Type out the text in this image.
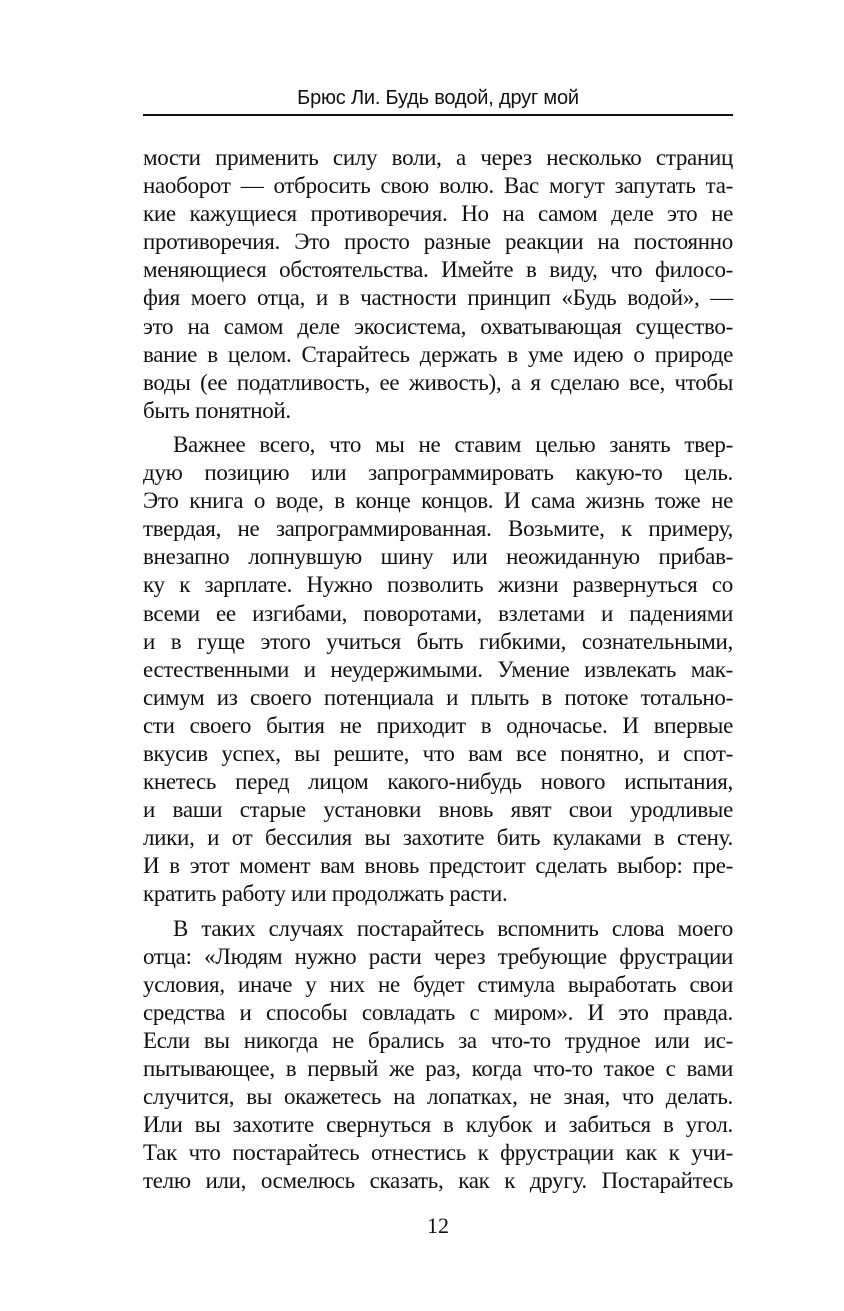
Брюс Ли. Будь водой, друг мой
мости применить силу воли, а через несколько страниц
наоборот — отбросить свою волю. Вас могут запутать та-
кие кажущиеся противоречия. Но на самом деле это не
противоречия. Это просто разные реакции на постоянно
меняющиеся обстоятельства. Имейте в виду, что филосо-
фия моего отца, и в частности принцип «Будь водой», —
это на самом деле экосистема, охватывающая существо-
вание в целом. Старайтесь держать в уме идею о природе
воды (ее податливость, ее живость), а я сделаю все, чтобы
быть понятной.
Важнее всего, что мы не ставим целью занять твер-
дую позицию или запрограммировать какую-то цель.
Это книга о воде, в конце концов. И сама жизнь тоже не
твердая, не запрограммированная. Возьмите, к примеру,
внезапно лопнувшую шину или неожиданную прибав-
ку к зарплате. Нужно позволить жизни развернуться со
всеми ее изгибами, поворотами, взлетами и падениями
и в гуще этого учиться быть гибкими, сознательными,
естественными и неудержимыми. Умение извлекать мак-
симум из своего потенциала и плыть в потоке тотально-
сти своего бытия не приходит в одночасье. И впервые
вкусив успех, вы решите, что вам все понятно, и спот-
кнетесь перед лицом какого-нибудь нового испытания,
и ваши старые установки вновь явят свои уродливые
лики, и от бессилия вы захотите бить кулаками в стену.
И в этот момент вам вновь предстоит сделать выбор: пре-
кратить работу или продолжать расти.
В таких случаях постарайтесь вспомнить слова моего
отца: «Людям нужно расти через требующие фрустрации
условия, иначе у них не будет стимула выработать свои
средства и способы совладать с миром». И это правда.
Если вы никогда не брались за что-то трудное или ис-
пытывающее, в первый же раз, когда что-то такое с вами
случится, вы окажетесь на лопатках, не зная, что делать.
Или вы захотите свернуться в клубок и забиться в угол.
Так что постарайтесь отнестись к фрустрации как к учи-
телю или, осмелюсь сказать, как к другу. Постарайтесь
12
